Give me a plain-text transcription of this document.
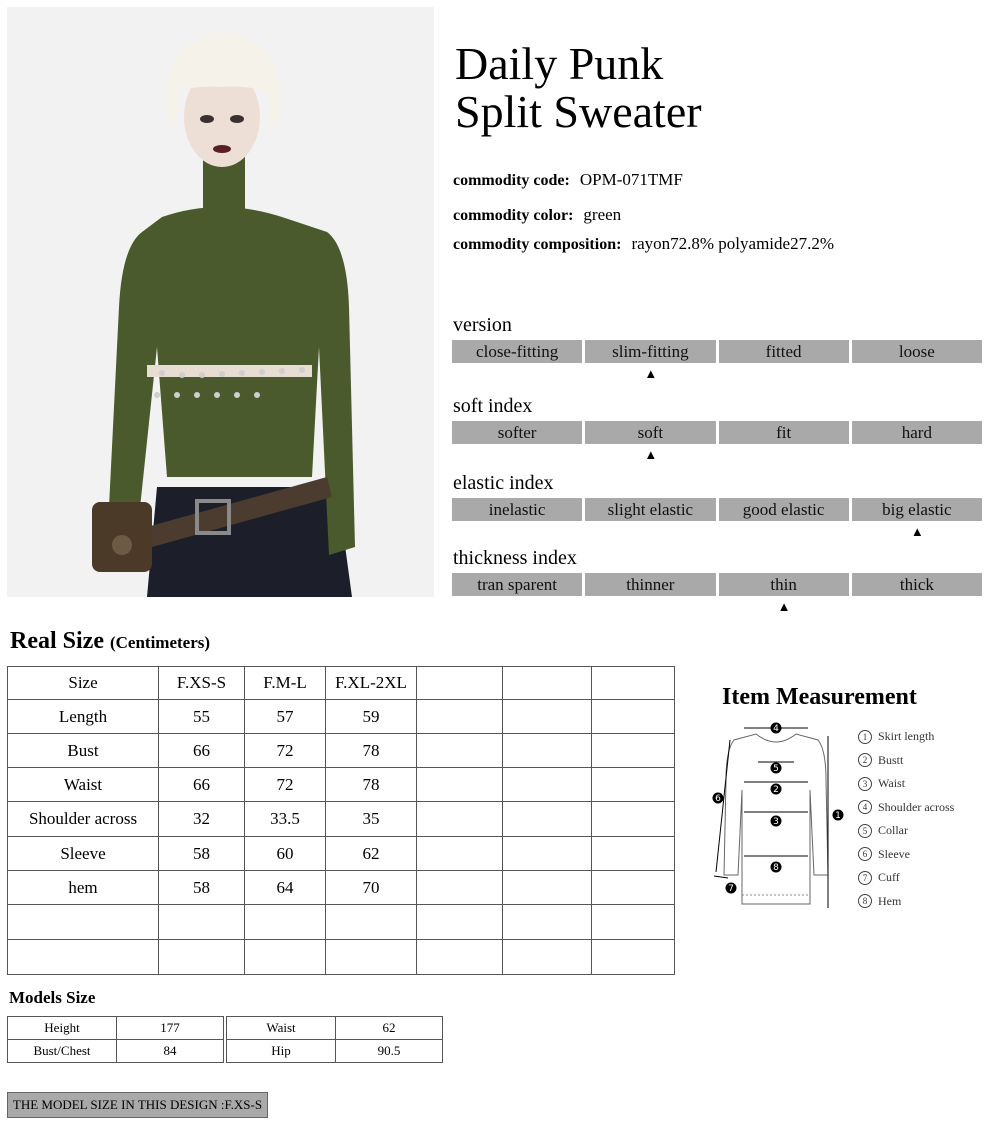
Daily Punk
Split Sweater
commodity code: OPM-071TMF
commodity color: green
commodity composition: rayon72.8% polyamide27.2%
version
close-fitting	slim-fitting	fitted	loose
▲
soft index
softer	soft	fit	hard
▲
elastic index
inelastic	slight elastic	good elastic	big elastic
▲
thickness index
tran sparent	thinner	thin	thick
▲
Real Size (Centimeters)
Size	F.XS-S	F.M-L	F.XL-2XL			
Length	55	57	59			
Bust	66	72	78			
Waist	66	72	78			
Shoulder across	32	33.5	35			
Sleeve	58	60	62			
hem	58	64	70			

Item Measurement
4
5
2
3
8
1
6
7
1 Skirt length
2 Bustt
3 Waist
4 Shoulder across
5 Collar
6 Sleeve
7 Cuff
8 Hem
Models Size
Height	177
Bust/Chest	84
Waist	62
Hip	90.5
THE MODEL SIZE IN THIS DESIGN :F.XS-S
